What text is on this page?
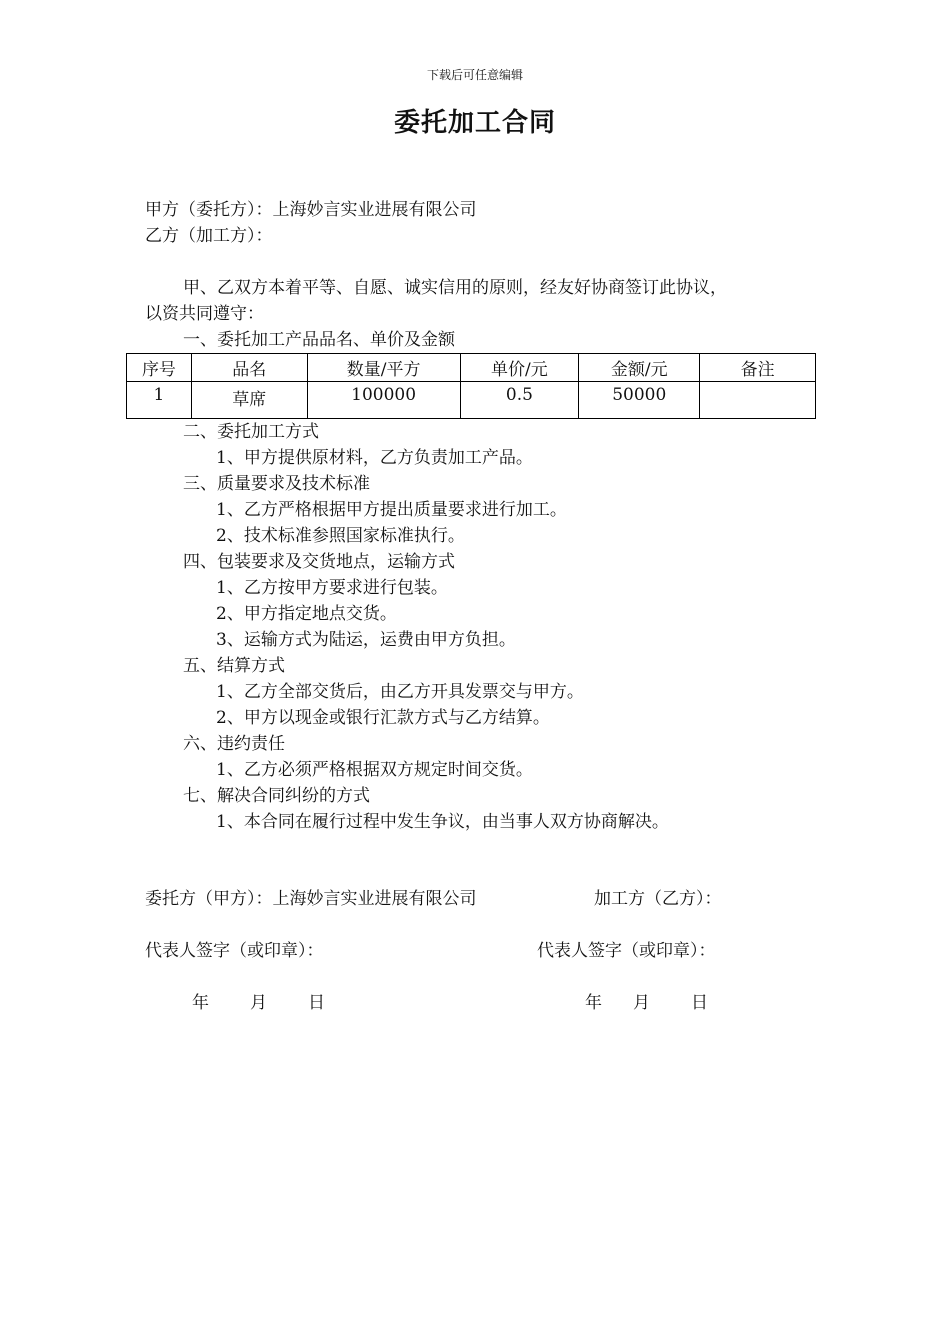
下载后可任意编辑
委托加工合同
甲方（委托方）：上海妙言实业进展有限公司
乙方（加工方）：
甲、乙双方本着平等、自愿、诚实信用的原则，经友好协商签订此协议，
以资共同遵守：
一、委托加工产品品名、单价及金额
序号	品名	数量/平方	单价/元	金额/元	备注
1	草席	100000	0.5	50000	
二、委托加工方式
1、甲方提供原材料，乙方负责加工产品。
三、质量要求及技术标准
1、乙方严格根据甲方提出质量要求进行加工。
2、技术标准参照国家标准执行。
四、包装要求及交货地点，运输方式
1、乙方按甲方要求进行包装。
2、甲方指定地点交货。
3、运输方式为陆运，运费由甲方负担。
五、结算方式
1、乙方全部交货后，由乙方开具发票交与甲方。
2、甲方以现金或银行汇款方式与乙方结算。
六、违约责任
1、乙方必须严格根据双方规定时间交货。
七、解决合同纠纷的方式
1、本合同在履行过程中发生争议，由当事人双方协商解决。
委托方（甲方）：上海妙言实业进展有限公司	加工方（乙方）：
代表人签字（或印章）：	代表人签字（或印章）：
年 月 日	年 月 日
